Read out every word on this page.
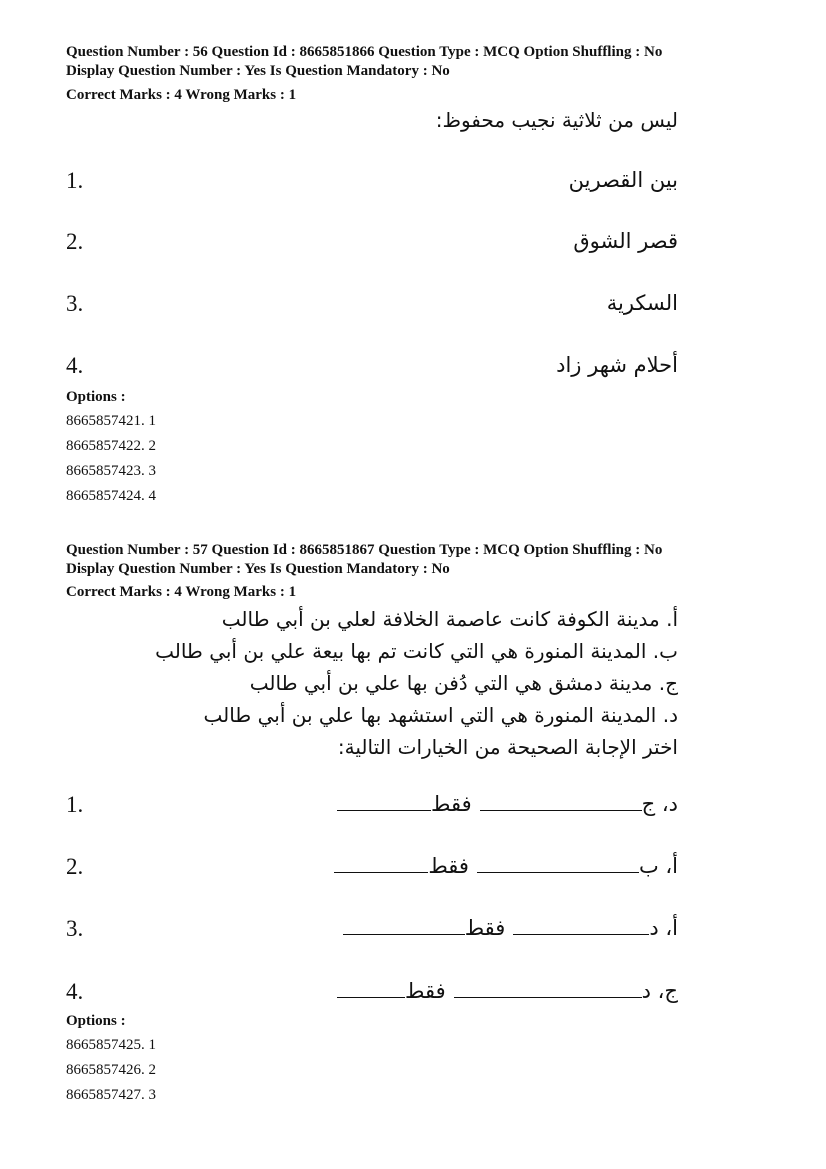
Question Number : 56 Question Id : 8665851866 Question Type : MCQ Option Shuffling : No
Display Question Number : Yes Is Question Mandatory : No
Correct Marks : 4 Wrong Marks : 1
ليس من ثلاثية نجيب محفوظ:
1.	بين القصرين
2.	قصر الشوق
3.	السكرية
4.	أحلام شهر زاد
Options :
8665857421. 1
8665857422. 2
8665857423. 3
8665857424. 4
Question Number : 57 Question Id : 8665851867 Question Type : MCQ Option Shuffling : No
Display Question Number : Yes Is Question Mandatory : No
Correct Marks : 4 Wrong Marks : 1
أ. مدينة الكوفة كانت عاصمة الخلافة لعلي بن أبي طالب
ب. المدينة المنورة هي التي كانت تم بها بيعة علي بن أبي طالب
ج. مدينة دمشق هي التي دُفن بها علي بن أبي طالب
د. المدينة المنورة هي التي استشهد بها علي بن أبي طالب
اختر الإجابة الصحيحة من الخيارات التالية:
1.	د، جفقط
2.	أ، بفقط
3.	أ، دفقط
4.	ج، دفقط
Options :
8665857425. 1
8665857426. 2
8665857427. 3
